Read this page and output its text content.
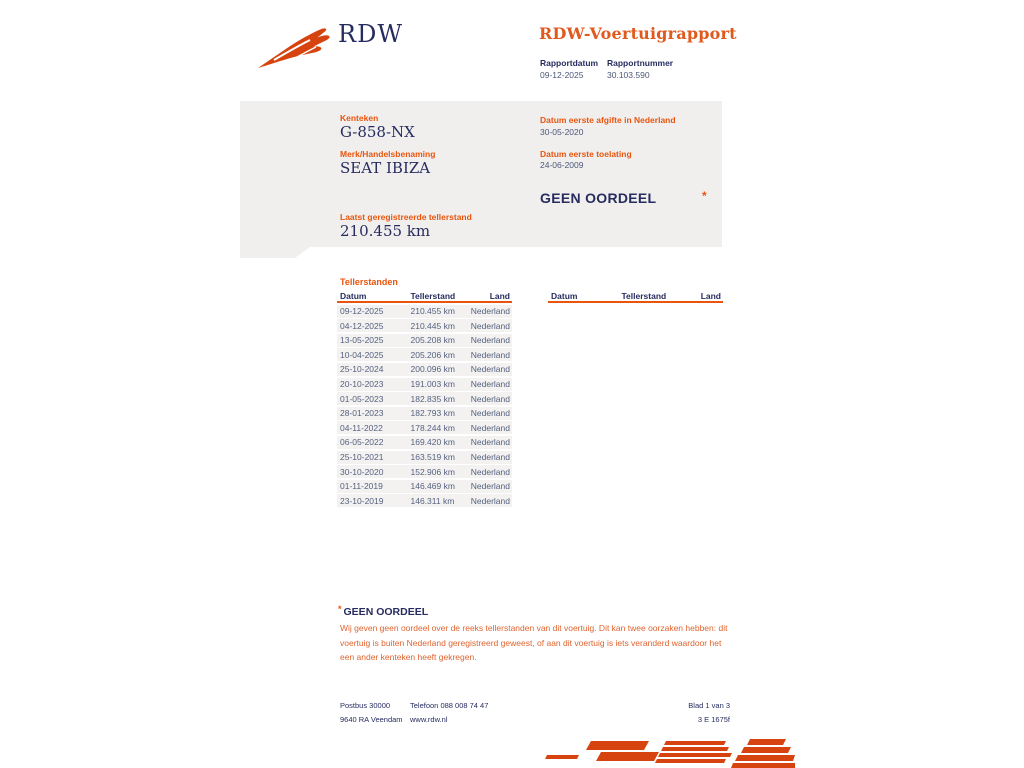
RDW	RDW-Voertuigrapport
Rapportdatum
09-12-2025
Rapportnummer
30.103.590
Kenteken
G-858-NX
Merk/Handelsbenaming
SEAT IBIZA
Laatst geregistreerde tellerstand
210.455 km
Datum eerste afgifte in Nederland
30-05-2020
Datum eerste toelating
24-06-2009
GEEN OORDEEL	*
Tellerstanden
Datum	Tellerstand	Land
09-12-2025	210.455 km	Nederland
04-12-2025	210.445 km	Nederland
13-05-2025	205.208 km	Nederland
10-04-2025	205.206 km	Nederland
25-10-2024	200.096 km	Nederland
20-10-2023	191.003 km	Nederland
01-05-2023	182.835 km	Nederland
28-01-2023	182.793 km	Nederland
04-11-2022	178.244 km	Nederland
06-05-2022	169.420 km	Nederland
25-10-2021	163.519 km	Nederland
30-10-2020	152.906 km	Nederland
01-11-2019	146.469 km	Nederland
23-10-2019	146.311 km	Nederland
Datum	Tellerstand	Land
* GEEN OORDEEL
Wij geven geen oordeel over de reeks tellerstanden van dit voertuig. Dit kan twee oorzaken hebben: dit voertuig is buiten Nederland geregistreerd geweest, of aan dit voertuig is iets veranderd waardoor het een ander kenteken heeft gekregen.
Postbus 30000
9640 RA Veendam
Telefoon 088 008 74 47
www.rdw.nl
Blad 1 van 3
3 E 1675f
